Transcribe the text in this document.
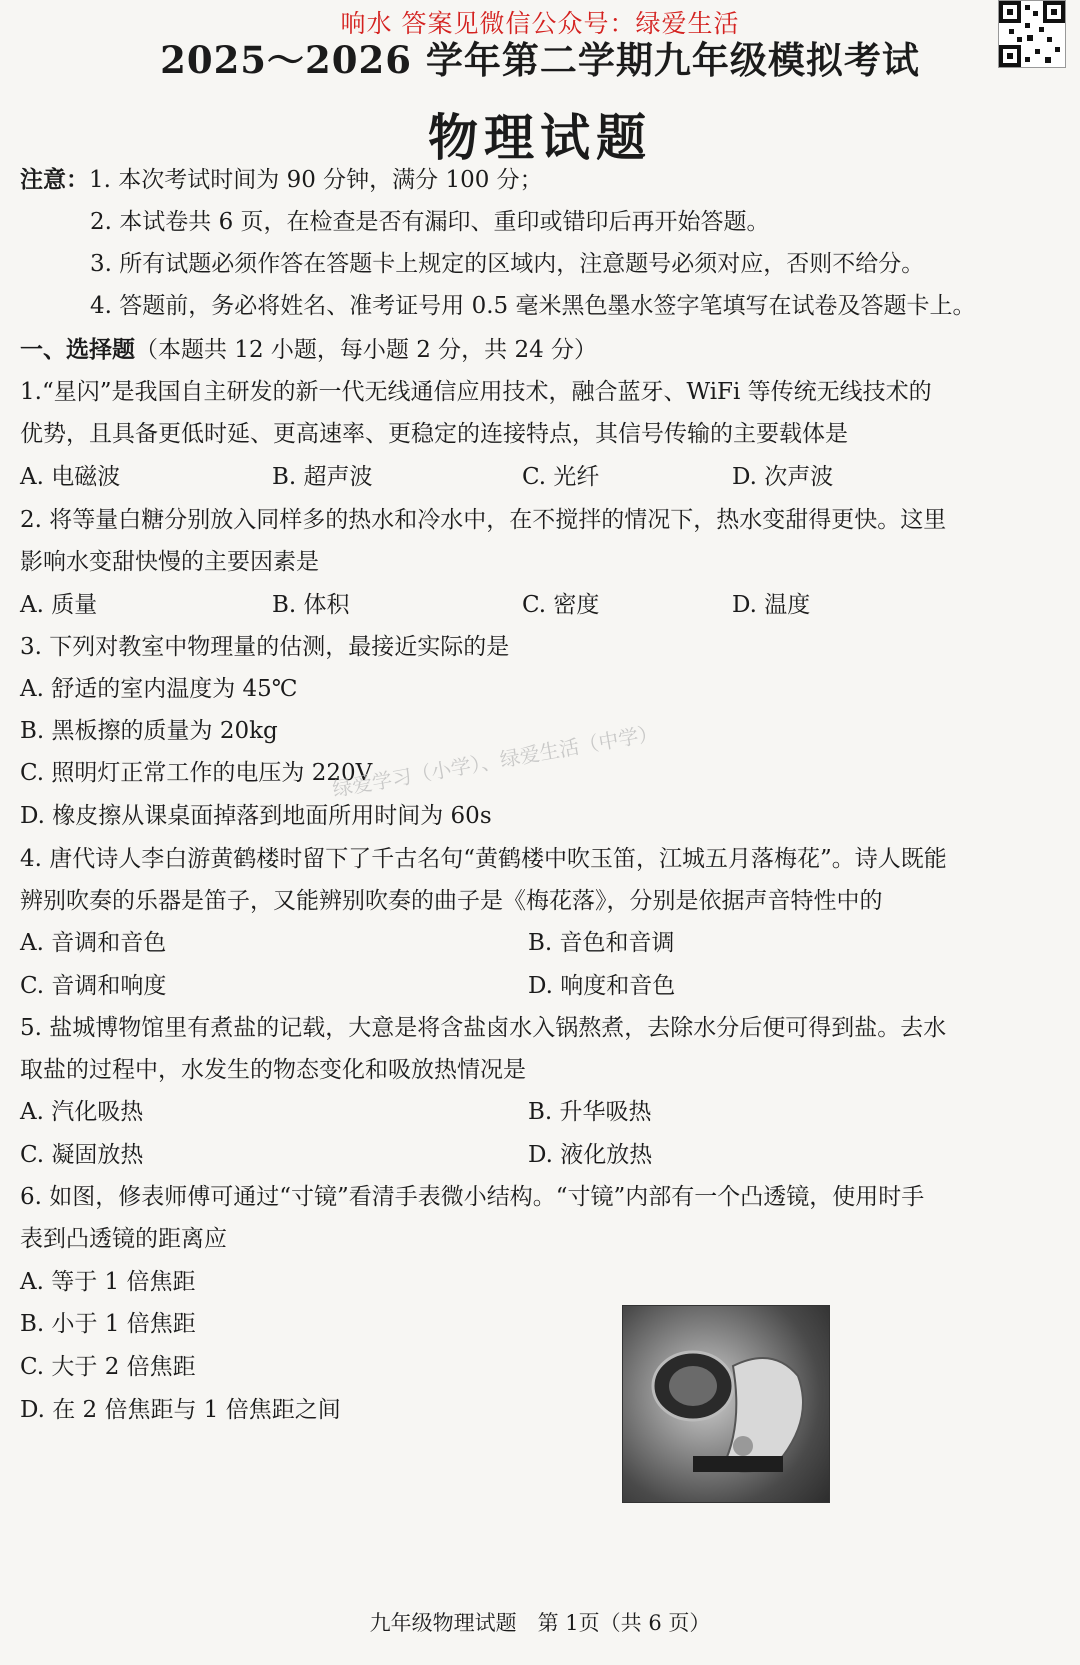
响水 答案见微信公众号：绿爱生活
2025～2026 学年第二学期九年级模拟考试
物理试题
注意：1. 本次考试时间为 90 分钟，满分 100 分；
2. 本试卷共 6 页，在检查是否有漏印、重印或错印后再开始答题。
3. 所有试题必须作答在答题卡上规定的区域内，注意题号必须对应，否则不给分。
4. 答题前，务必将姓名、准考证号用 0.5 毫米黑色墨水签字笔填写在试卷及答题卡上。
一、选择题（本题共 12 小题，每小题 2 分，共 24 分）
1.“星闪”是我国自主研发的新一代无线通信应用技术，融合蓝牙、WiFi 等传统无线技术的
优势，且具备更低时延、更高速率、更稳定的连接特点，其信号传输的主要载体是
A. 电磁波	B. 超声波	C. 光纤	D. 次声波
2. 将等量白糖分别放入同样多的热水和冷水中，在不搅拌的情况下，热水变甜得更快。这里
影响水变甜快慢的主要因素是
A. 质量	B. 体积	C. 密度	D. 温度
3. 下列对教室中物理量的估测，最接近实际的是
A. 舒适的室内温度为 45℃
B. 黑板擦的质量为 20kg
C. 照明灯正常工作的电压为 220V
D. 橡皮擦从课桌面掉落到地面所用时间为 60s
绿爱学习（小学）、绿爱生活（中学）
4. 唐代诗人李白游黄鹤楼时留下了千古名句“黄鹤楼中吹玉笛，江城五月落梅花”。诗人既能
辨别吹奏的乐器是笛子，又能辨别吹奏的曲子是《梅花落》，分别是依据声音特性中的
A. 音调和音色	B. 音色和音调
C. 音调和响度	D. 响度和音色
5. 盐城博物馆里有煮盐的记载，大意是将含盐卤水入锅熬煮，去除水分后便可得到盐。去水
取盐的过程中，水发生的物态变化和吸放热情况是
A. 汽化吸热	B. 升华吸热
C. 凝固放热	D. 液化放热
6. 如图，修表师傅可通过“寸镜”看清手表微小结构。“寸镜”内部有一个凸透镜，使用时手
表到凸透镜的距离应
A. 等于 1 倍焦距
B. 小于 1 倍焦距
C. 大于 2 倍焦距
D. 在 2 倍焦距与 1 倍焦距之间
九年级物理试题　第 1页（共 6 页）
